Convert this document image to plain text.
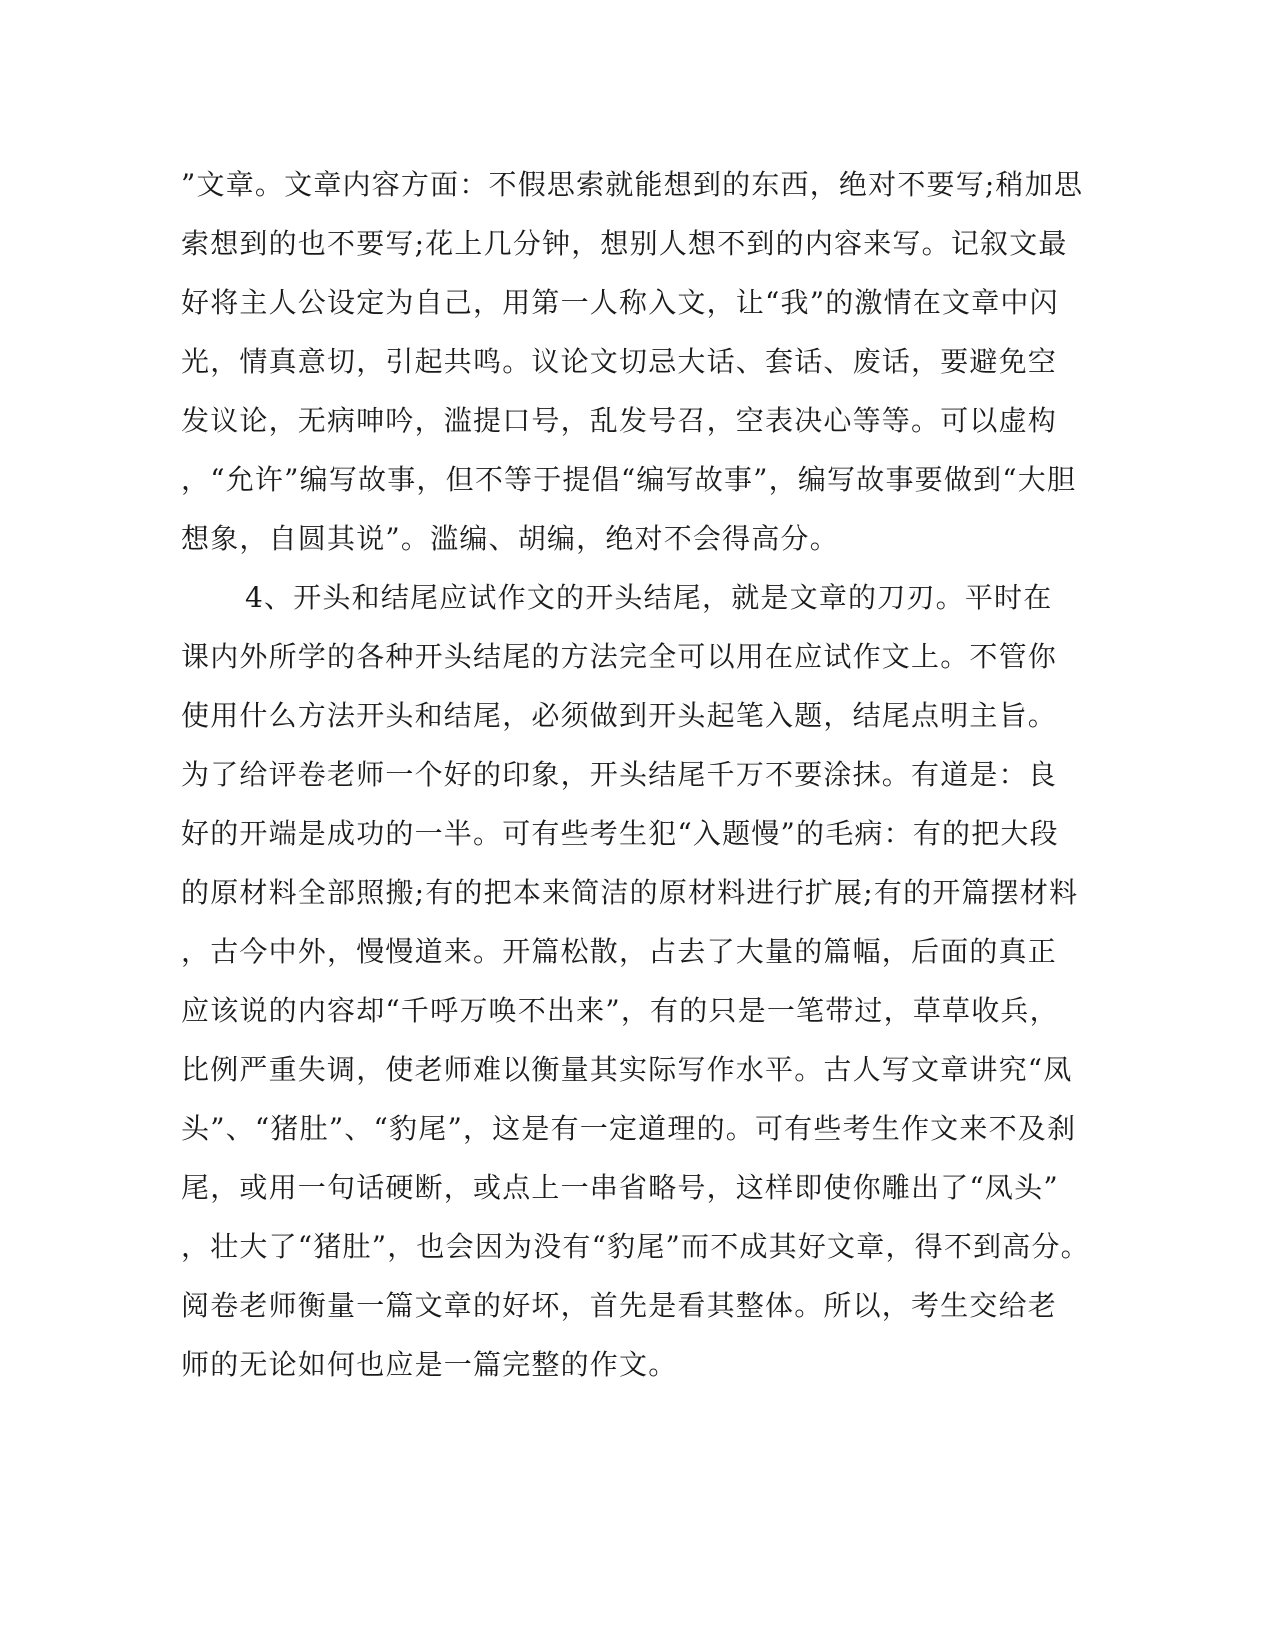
”文章。文章内容方面：不假思索就能想到的东西，绝对不要写;稍加思
索想到的也不要写;花上几分钟，想别人想不到的内容来写。记叙文最
好将主人公设定为自己，用第一人称入文，让“我”的激情在文章中闪
光，情真意切，引起共鸣。议论文切忌大话、套话、废话，要避免空
发议论，无病呻吟，滥提口号，乱发号召，空表决心等等。可以虚构
，“允许”编写故事，但不等于提倡“编写故事”，编写故事要做到“大胆
想象，自圆其说”。滥编、胡编，绝对不会得高分。
4、开头和结尾应试作文的开头结尾，就是文章的刀刃。平时在
课内外所学的各种开头结尾的方法完全可以用在应试作文上。不管你
使用什么方法开头和结尾，必须做到开头起笔入题，结尾点明主旨。
为了给评卷老师一个好的印象，开头结尾千万不要涂抹。有道是：良
好的开端是成功的一半。可有些考生犯“入题慢”的毛病：有的把大段
的原材料全部照搬;有的把本来简洁的原材料进行扩展;有的开篇摆材料
，古今中外，慢慢道来。开篇松散，占去了大量的篇幅，后面的真正
应该说的内容却“千呼万唤不出来”，有的只是一笔带过，草草收兵，
比例严重失调，使老师难以衡量其实际写作水平。古人写文章讲究“凤
头”、“猪肚”、“豹尾”，这是有一定道理的。可有些考生作文来不及刹
尾，或用一句话硬断，或点上一串省略号，这样即使你雕出了“凤头”
，壮大了“猪肚”，也会因为没有“豹尾”而不成其好文章，得不到高分。
阅卷老师衡量一篇文章的好坏，首先是看其整体。所以，考生交给老
师的无论如何也应是一篇完整的作文。
